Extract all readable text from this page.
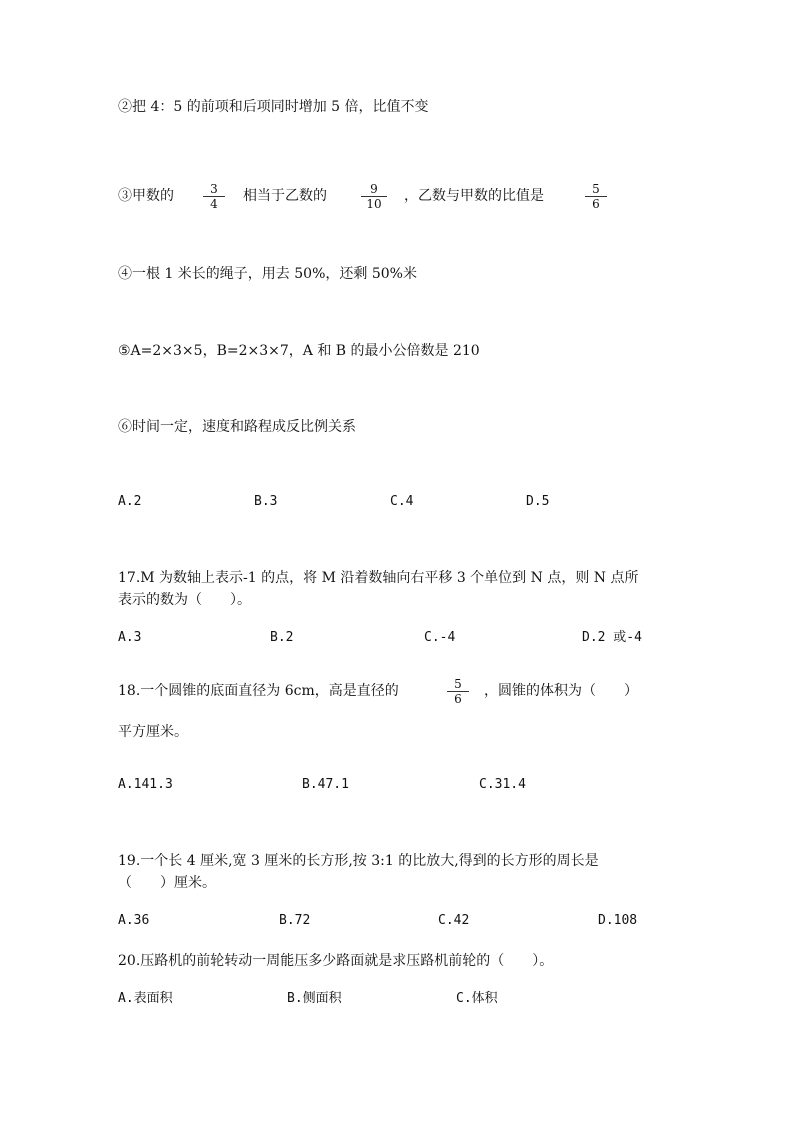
②把 4：5 的前项和后项同时增加 5 倍，比值不变
③甲数的	$\frac{3}{4}$ 相当于乙数的	$\frac{9}{10}$ ，乙数与甲数的比值是	$\frac{5}{6}$
④一根 1 米长的绳子，用去 50%，还剩 50%米
⑤A=2×3×5，B=2×3×7，A 和 B 的最小公倍数是 210
⑥时间一定，速度和路程成反比例关系
A.2	B.3	C.4	D.5
17.M 为数轴上表示-1 的点，将 M 沿着数轴向右平移 3 个单位到 N 点，则 N 点所
表示的数为（　　）。
A.3	B.2	C.-4	D.2 或-4
18.一个圆锥的底面直径为 6cm，高是直径的	$\frac{5}{6}$ ，圆锥的体积为（　　）
平方厘米。
A.141.3	B.47.1	C.31.4
19.一个长 4 厘米,宽 3 厘米的长方形,按 3:1 的比放大,得到的长方形的周长是
（　　）厘米。
A.36	B.72	C.42	D.108
20.压路机的前轮转动一周能压多少路面就是求压路机前轮的（　　）。
A.表面积	B.侧面积	C.体积
